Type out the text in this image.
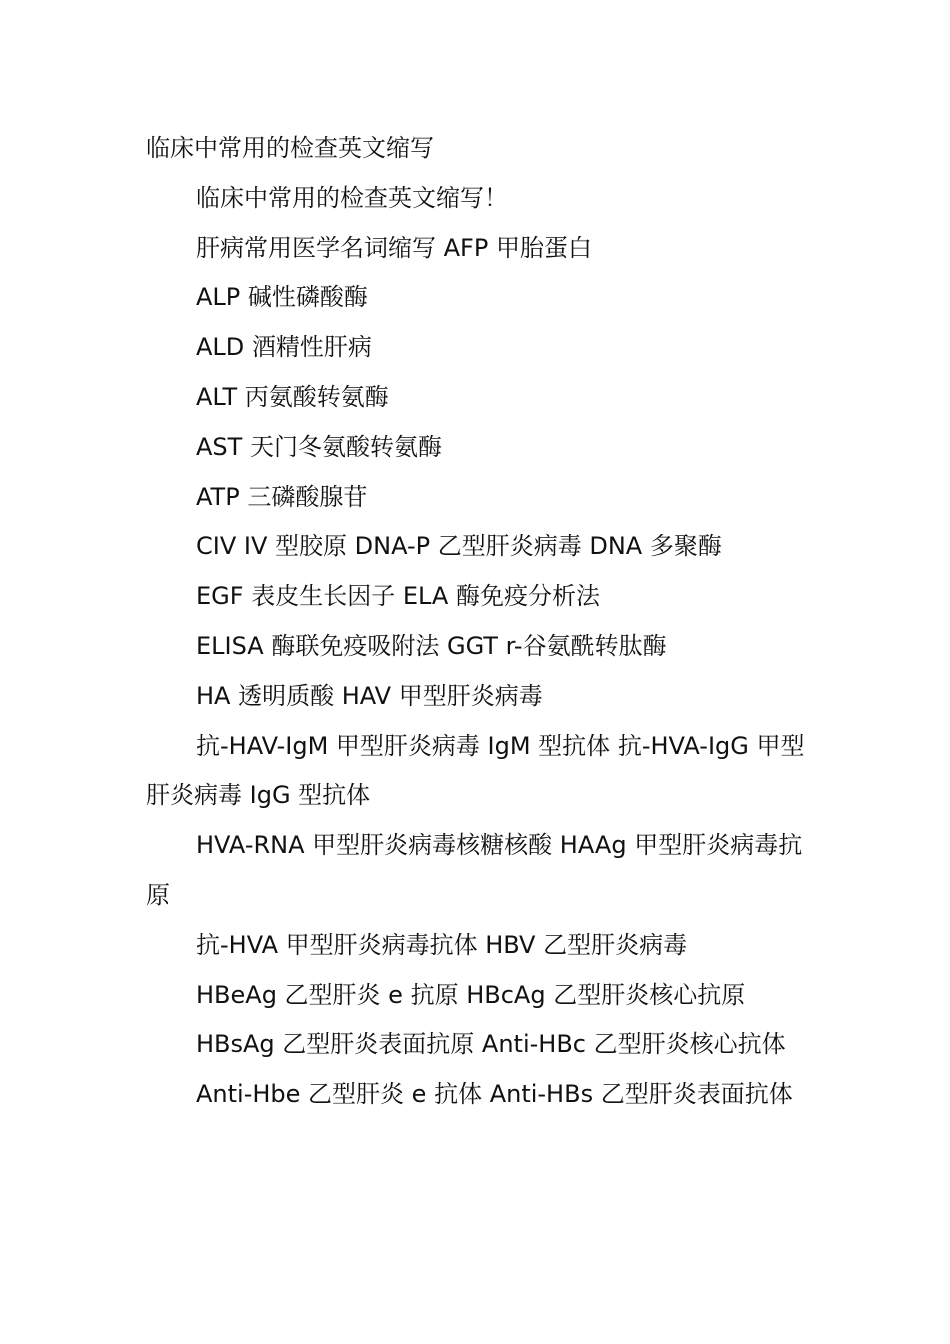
临床中常用的检查英文缩写

临床中常用的检查英文缩写！

肝病常用医学名词缩写 AFP 甲胎蛋白

ALP 碱性磷酸酶

ALD 酒精性肝病

ALT 丙氨酸转氨酶

AST 天门冬氨酸转氨酶

ATP 三磷酸腺苷

CIV IV 型胶原 DNA-P 乙型肝炎病毒 DNA 多聚酶

EGF 表皮生长因子 ELA 酶免疫分析法

ELISA 酶联免疫吸附法 GGT r-谷氨酰转肽酶

HA 透明质酸 HAV 甲型肝炎病毒

抗-HAV-IgM 甲型肝炎病毒 IgM 型抗体 抗-HVA-IgG 甲型肝炎病毒 IgG 型抗体

HVA-RNA 甲型肝炎病毒核糖核酸 HAAg 甲型肝炎病毒抗原

抗-HVA 甲型肝炎病毒抗体 HBV 乙型肝炎病毒

HBeAg 乙型肝炎 e 抗原 HBcAg 乙型肝炎核心抗原

HBsAg 乙型肝炎表面抗原 Anti-HBc 乙型肝炎核心抗体

Anti-Hbe 乙型肝炎 e 抗体 Anti-HBs 乙型肝炎表面抗体
